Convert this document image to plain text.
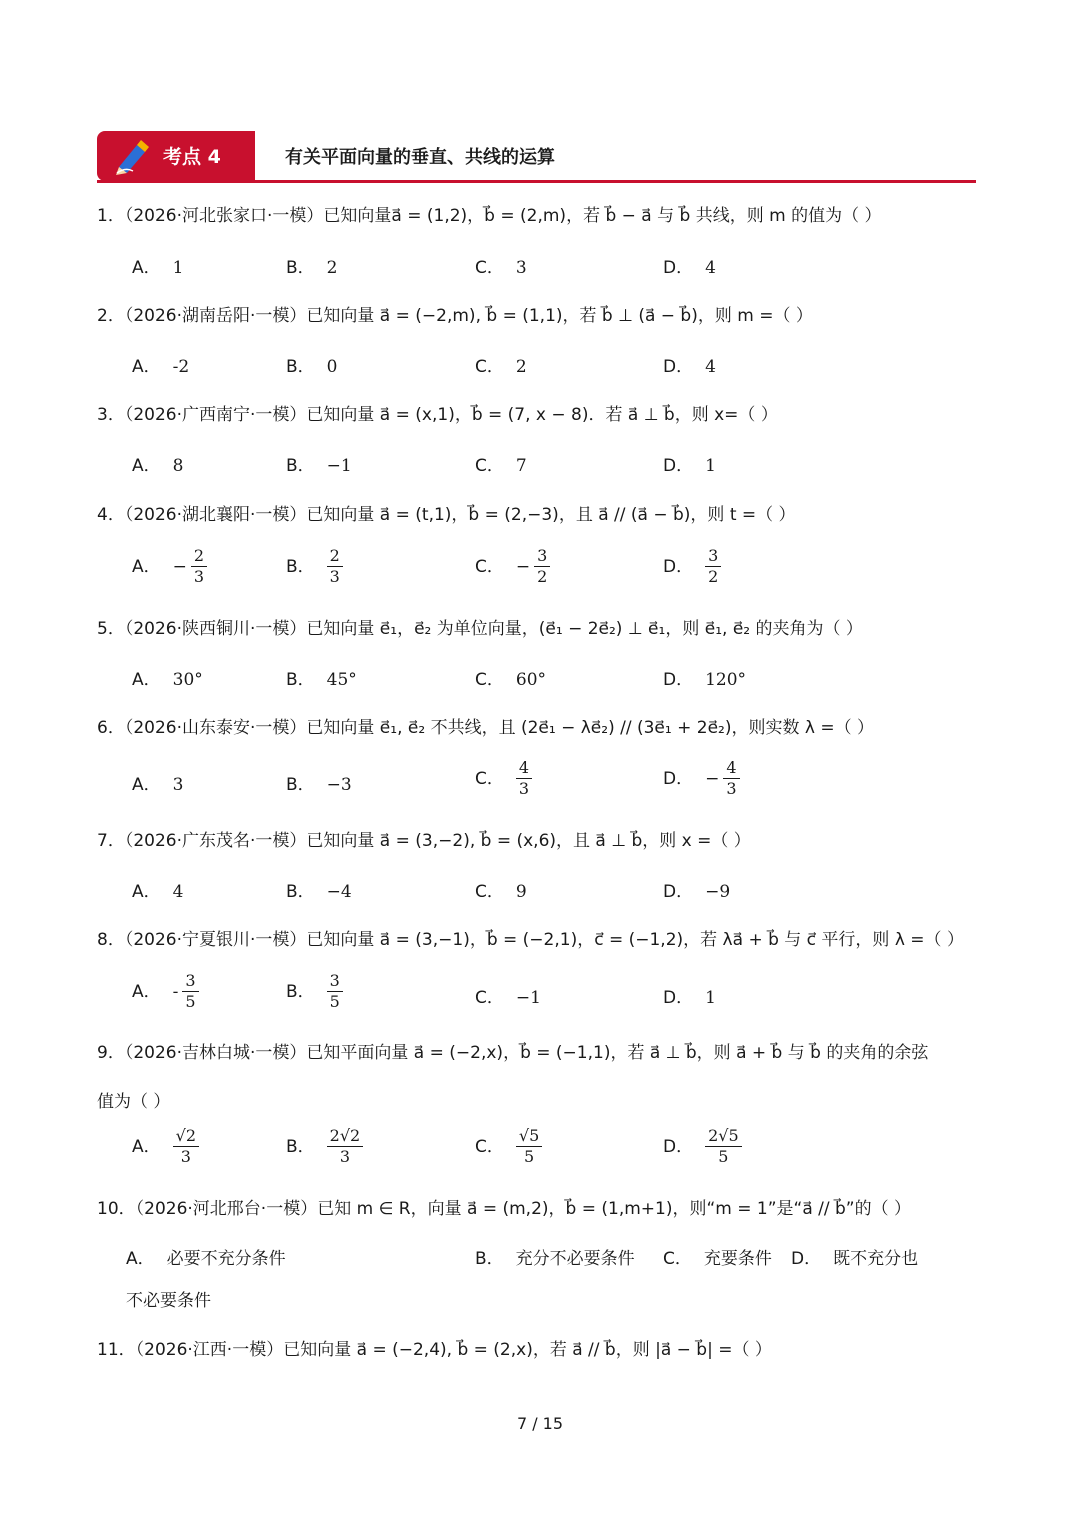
考点 4	有关平面向量的垂直、共线的运算
1．（2026·河北张家口·一模）已知向量a⃗ = (1,2)，b⃗ = (2,m)，若 b⃗ − a⃗ 与 b⃗ 共线，则 m 的值为（ ）
A． 1	B． 2	C． 3	D． 4
2．（2026·湖南岳阳·一模）已知向量 a⃗ = (−2,m), b⃗ = (1,1)，若 b⃗ ⊥ (a⃗ − b⃗)，则 m =（ ）
A． -2	B． 0	C． 2	D． 4
3．（2026·广西南宁·一模）已知向量 a⃗ = (x,1)，b⃗ = (7, x − 8)．若 a⃗ ⊥ b⃗，则 x=（ ）
A． 8	B． −1	C． 7	D． 1
4．（2026·湖北襄阳·一模）已知向量 a⃗ = (t,1)，b⃗ = (2,−3)，且 a⃗ // (a⃗ − b⃗)，则 t =（ ）
A． − $\frac{2}{3}$	B． $\frac{2}{3}$	C． − $\frac{3}{2}$	D． $\frac{3}{2}$
5．（2026·陕西铜川·一模）已知向量 e⃗₁，e⃗₂ 为单位向量，(e⃗₁ − 2e⃗₂) ⊥ e⃗₁，则 e⃗₁, e⃗₂ 的夹角为（ ）
A． 30°	B． 45°	C． 60°	D． 120°
6．（2026·山东泰安·一模）已知向量 e⃗₁, e⃗₂ 不共线，且 (2e⃗₁ − λe⃗₂) // (3e⃗₁ + 2e⃗₂)，则实数 λ =（ ）
A． 3	B． −3	C． $\frac{4}{3}$	D． − $\frac{4}{3}$
7．（2026·广东茂名·一模）已知向量 a⃗ = (3,−2), b⃗ = (x,6)，且 a⃗ ⊥ b⃗，则 x =（ ）
A． 4	B． −4	C． 9	D． −9
8．（2026·宁夏银川·一模）已知向量 a⃗ = (3,−1)，b⃗ = (−2,1)，c⃗ = (−1,2)，若 λa⃗ + b⃗ 与 c⃗ 平行，则 λ =（ ）
A． - $\frac{3}{5}$	B． $\frac{3}{5}$	C． −1	D． 1
9．（2026·吉林白城·一模）已知平面向量 a⃗ = (−2,x)，b⃗ = (−1,1)，若 a⃗ ⊥ b⃗，则 a⃗ + b⃗ 与 b⃗ 的夹角的余弦
值为（ ）
A． $\frac{√2}{3}$	B． $\frac{2√2}{3}$	C． $\frac{√5}{5}$	D． $\frac{2√5}{5}$
10．（2026·河北邢台·一模）已知 m ∈ R，向量 a⃗ = (m,2)，b⃗ = (1,m+1)，则“m = 1”是“a⃗ // b⃗”的（ ）
A． 必要不充分条件	B． 充分不必要条件 C． 充要条件 D． 既不充分也
不必要条件
11．（2026·江西·一模）已知向量 a⃗ = (−2,4), b⃗ = (2,x)，若 a⃗ // b⃗，则 |a⃗ − b⃗| =（ ）
7 / 15
